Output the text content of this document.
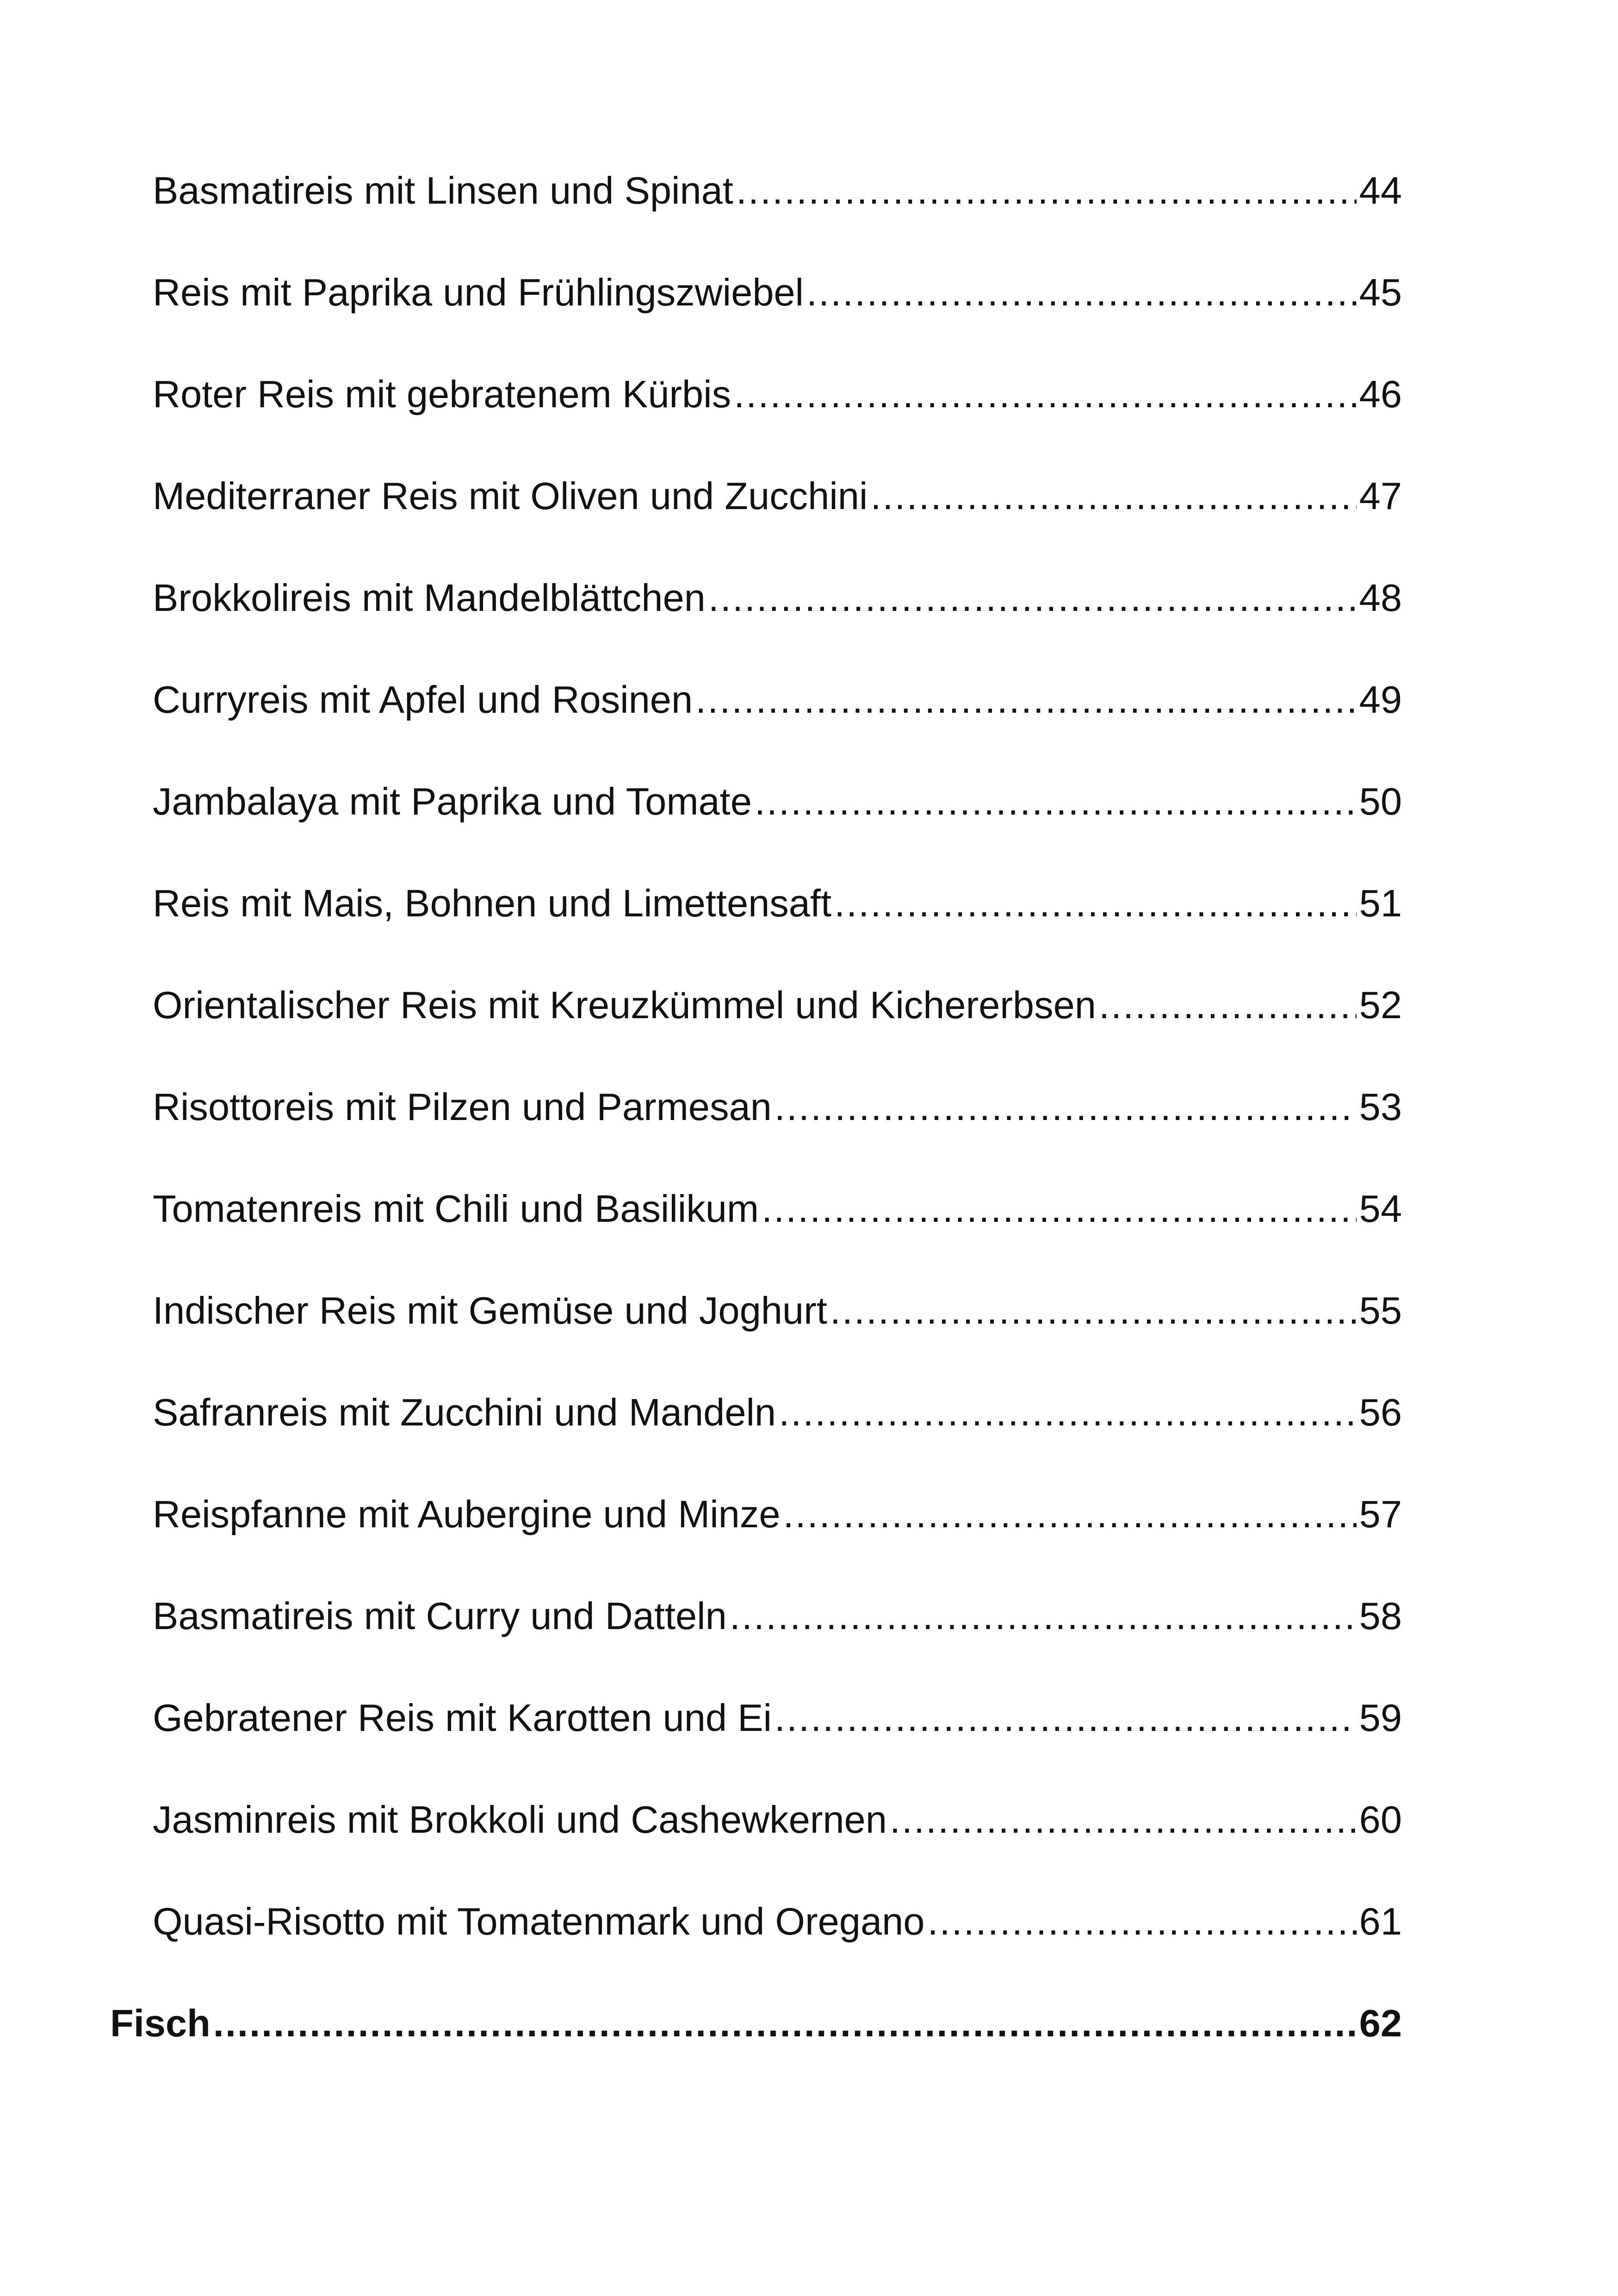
Basmatireis mit Linsen und Spinat .....	44
Reis mit Paprika und Frühlingszwiebel .....	45
Roter Reis mit gebratenem Kürbis .....	46
Mediterraner Reis mit Oliven und Zucchini .....	47
Brokkolireis mit Mandelblättchen .....	48
Curryreis mit Apfel und Rosinen .....	49
Jambalaya mit Paprika und Tomate .....	50
Reis mit Mais, Bohnen und Limettensaft .....	51
Orientalischer Reis mit Kreuzkümmel und Kichererbsen .....	52
Risottoreis mit Pilzen und Parmesan .....	53
Tomatenreis mit Chili und Basilikum .....	54
Indischer Reis mit Gemüse und Joghurt .....	55
Safranreis mit Zucchini und Mandeln .....	56
Reispfanne mit Aubergine und Minze .....	57
Basmatireis mit Curry und Datteln .....	58
Gebratener Reis mit Karotten und Ei .....	59
Jasminreis mit Brokkoli und Cashewkernen .....	60
Quasi-Risotto mit Tomatenmark und Oregano .....	61
Fisch .....	62
